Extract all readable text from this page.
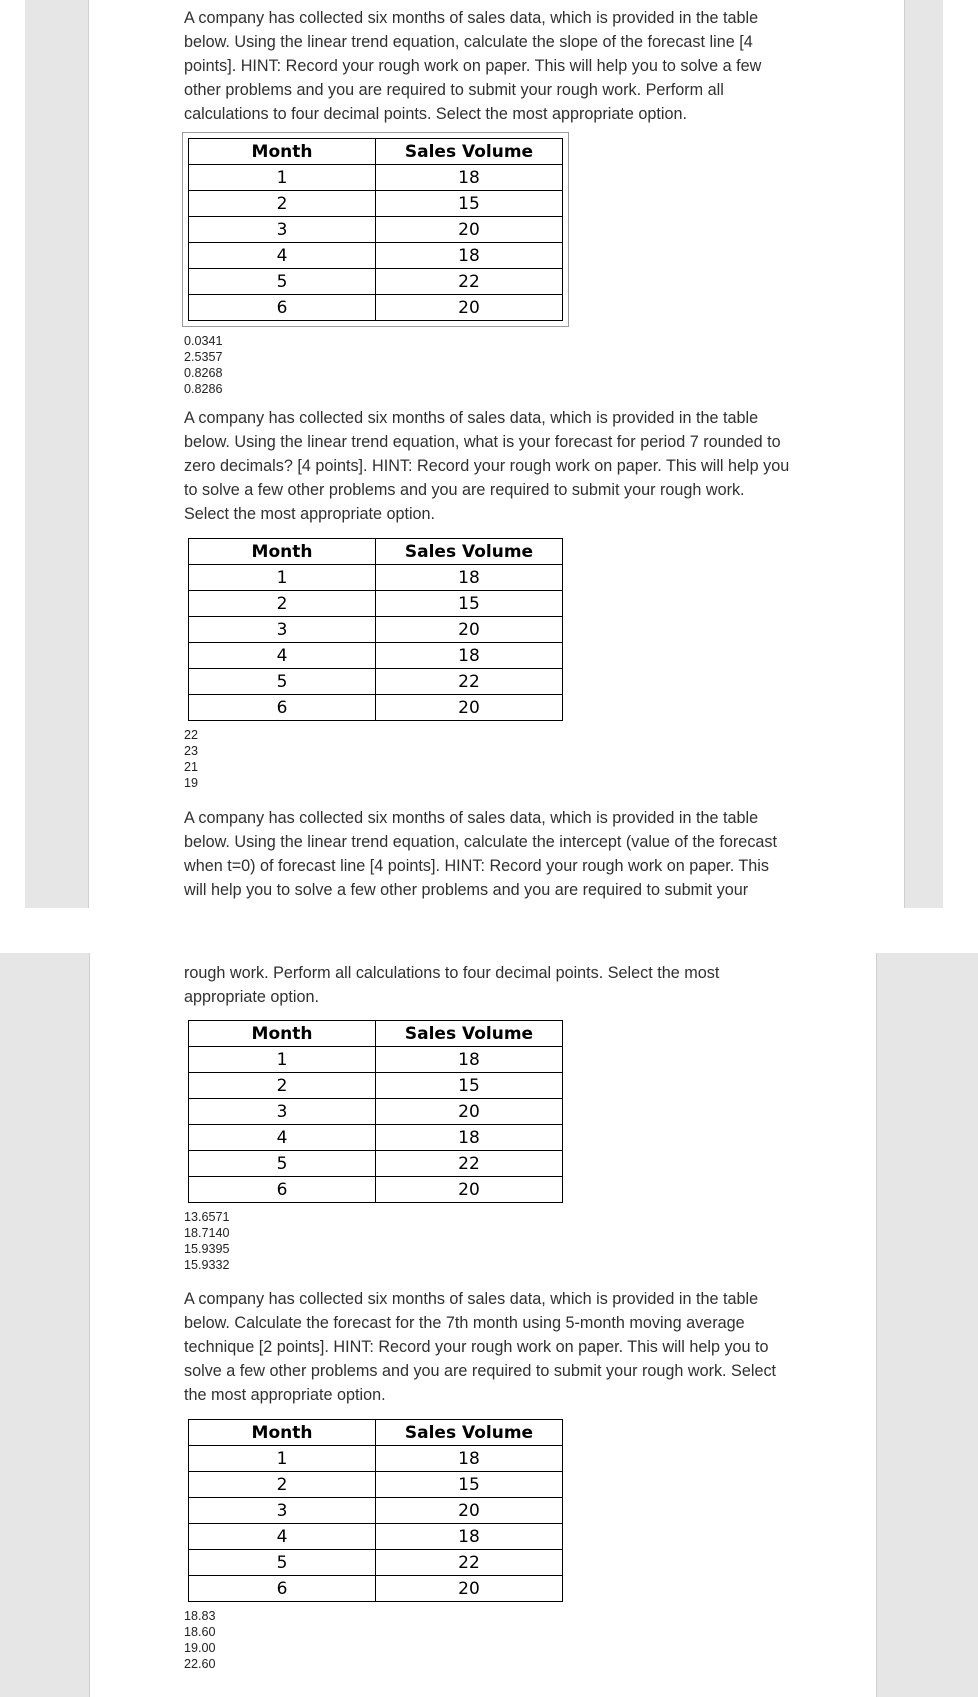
A company has collected six months of sales data, which is provided in the table below. Using the linear trend equation, calculate the slope of the forecast line [4 points]. HINT: Record your rough work on paper. This will help you to solve a few other problems and you are required to submit your rough work. Perform all calculations to four decimal points. Select the most appropriate option.

Month	Sales Volume
1	18
2	15
3	20
4	18
5	22
6	20
0.0341
2.5357
0.8268
0.8286

A company has collected six months of sales data, which is provided in the table below. Using the linear trend equation, what is your forecast for period 7 rounded to zero decimals? [4 points]. HINT: Record your rough work on paper. This will help you to solve a few other problems and you are required to submit your rough work. Select the most appropriate option.

Month	Sales Volume
1	18
2	15
3	20
4	18
5	22
6	20
22
23
21
19

A company has collected six months of sales data, which is provided in the table below. Using the linear trend equation, calculate the intercept (value of the forecast when t=0) of forecast line [4 points]. HINT: Record your rough work on paper. This will help you to solve a few other problems and you are required to submit your

rough work. Perform all calculations to four decimal points. Select the most appropriate option.

Month	Sales Volume
1	18
2	15
3	20
4	18
5	22
6	20
13.6571
18.7140
15.9395
15.9332

A company has collected six months of sales data, which is provided in the table below. Calculate the forecast for the 7th month using 5-month moving average technique [2 points]. HINT: Record your rough work on paper. This will help you to solve a few other problems and you are required to submit your rough work. Select the most appropriate option.

Month	Sales Volume
1	18
2	15
3	20
4	18
5	22
6	20
18.83
18.60
19.00
22.60
